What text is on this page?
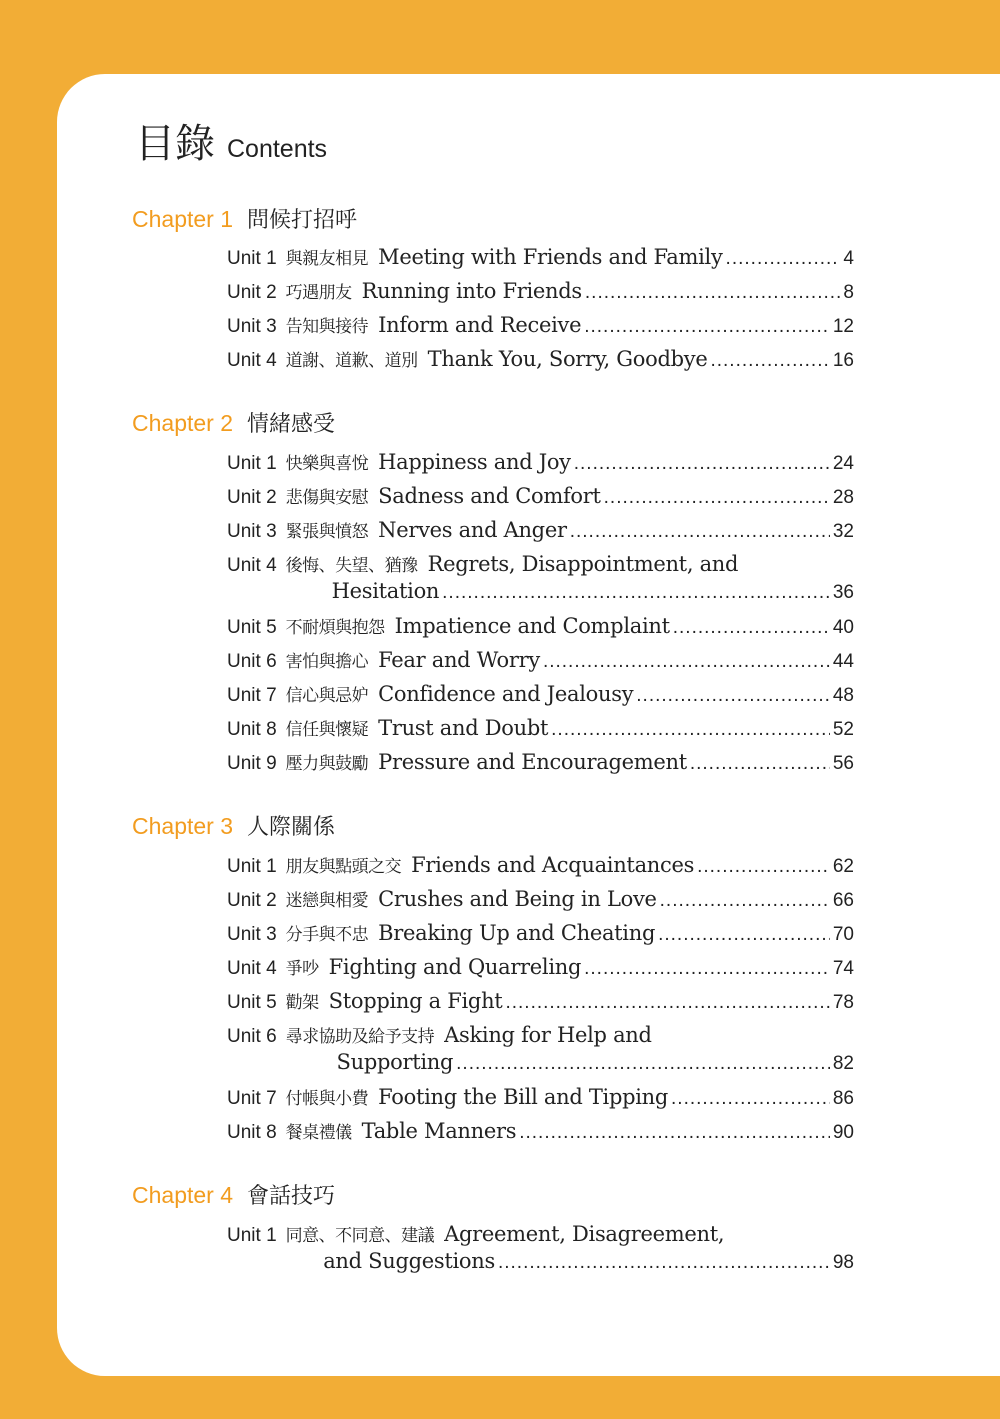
目錄 Contents
Chapter 1 問候打招呼
Unit 1 與親友相見 Meeting with Friends and Family .....	4
Unit 2 巧遇朋友 Running into Friends .....	8
Unit 3 告知與接待 Inform and Receive .....	12
Unit 4 道謝、道歉、道別 Thank You, Sorry, Goodbye .....	16
Chapter 2 情緒感受
Unit 1 快樂與喜悅 Happiness and Joy .....	24
Unit 2 悲傷與安慰 Sadness and Comfort .....	28
Unit 3 緊張與憤怒 Nerves and Anger .....	32
Unit 4 後悔、失望、猶豫 Regrets, Disappointment, and
Hesitation .....	36
Unit 5 不耐煩與抱怨 Impatience and Complaint .....	40
Unit 6 害怕與擔心 Fear and Worry .....	44
Unit 7 信心與忌妒 Confidence and Jealousy .....	48
Unit 8 信任與懷疑 Trust and Doubt .....	52
Unit 9 壓力與鼓勵 Pressure and Encouragement .....	56
Chapter 3 人際關係
Unit 1 朋友與點頭之交 Friends and Acquaintances .....	62
Unit 2 迷戀與相愛 Crushes and Being in Love .....	66
Unit 3 分手與不忠 Breaking Up and Cheating .....	70
Unit 4 爭吵 Fighting and Quarreling .....	74
Unit 5 勸架 Stopping a Fight .....	78
Unit 6 尋求協助及給予支持 Asking for Help and
Supporting .....	82
Unit 7 付帳與小費 Footing the Bill and Tipping .....	86
Unit 8 餐桌禮儀 Table Manners .....	90
Chapter 4 會話技巧
Unit 1 同意、不同意、建議 Agreement, Disagreement,
and Suggestions .....	98
